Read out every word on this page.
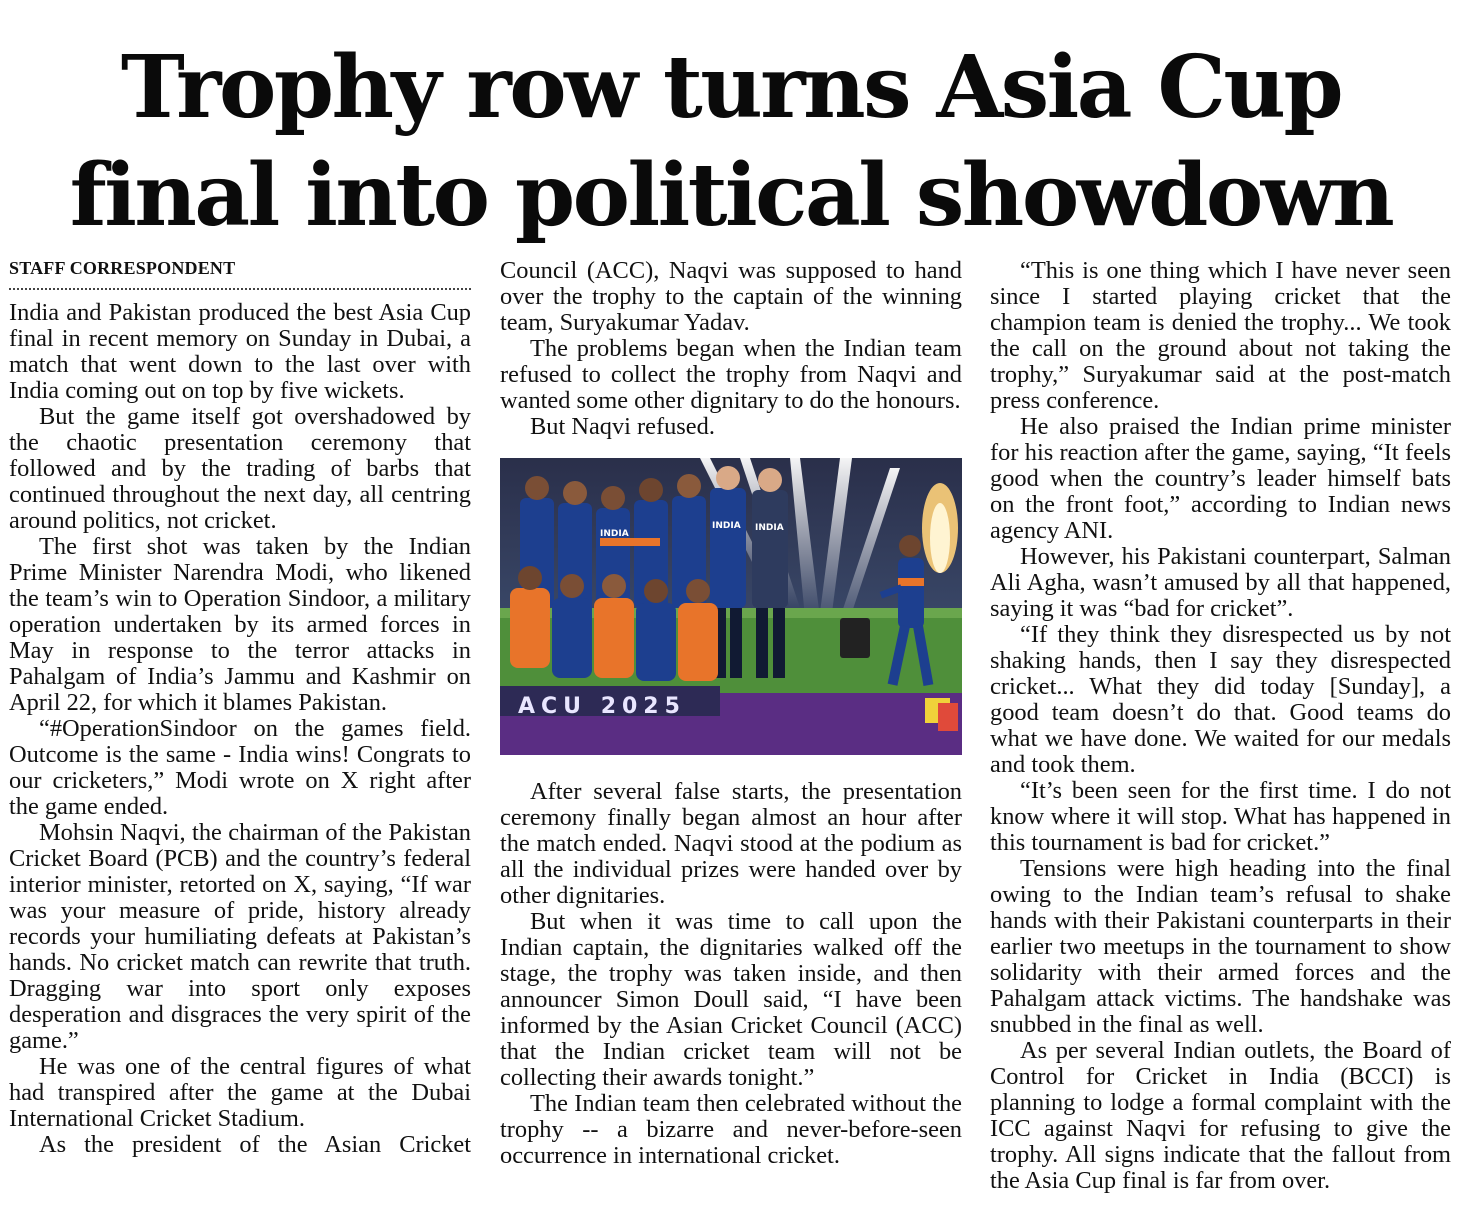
Trophy row turns Asia Cup
final into political showdown
STAFF CORRESPONDENT

India and Pakistan produced the best Asia Cup final in recent memory on Sunday in Dubai, a match that went down to the last over with India coming out on top by five wickets.

But the game itself got overshadowed by the chaotic presentation ceremony that followed and by the trading of barbs that continued throughout the next day, all centring around politics, not cricket.

The first shot was taken by the Indian Prime Minister Narendra Modi, who likened the team’s win to Operation Sindoor, a military operation undertaken by its armed forces in May in response to the terror attacks in Pahalgam of India’s Jammu and Kashmir on April 22, for which it blames Pakistan.

“#OperationSindoor on the games field. Outcome is the same - India wins! Congrats to our cricketers,” Modi wrote on X right after the game ended.

Mohsin Naqvi, the chairman of the Pakistan Cricket Board (PCB) and the country’s federal interior minister, retorted on X, saying, “If war was your measure of pride, history already records your humiliating defeats at Pakistan’s hands. No cricket match can rewrite that truth. Dragging war into sport only exposes desperation and disgraces the very spirit of the game.”

He was one of the central figures of what had transpired after the game at the Dubai International Cricket Stadium.

As the president of the Asian Cricket

Council (ACC), Naqvi was supposed to hand over the trophy to the captain of the winning team, Suryakumar Yadav.

The problems began when the Indian team refused to collect the trophy from Naqvi and wanted some other dignitary to do the honours.

But Naqvi refused.

ACU 2025
INDIA INDIA
INDIA

After several false starts, the presentation ceremony finally began almost an hour after the match ended. Naqvi stood at the podium as all the individual prizes were handed over by other dignitaries.

But when it was time to call upon the Indian captain, the dignitaries walked off the stage, the trophy was taken inside, and then announcer Simon Doull said, “I have been informed by the Asian Cricket Council (ACC) that the Indian cricket team will not be collecting their awards tonight.”

The Indian team then celebrated without the trophy -- a bizarre and never-before-seen occurrence in international cricket.

“This is one thing which I have never seen since I started playing cricket that the champion team is denied the trophy... We took the call on the ground about not taking the trophy,” Suryakumar said at the post-match press conference.

He also praised the Indian prime minister for his reaction after the game, saying, “It feels good when the country’s leader himself bats on the front foot,” according to Indian news agency ANI.

However, his Pakistani counterpart, Salman Ali Agha, wasn’t amused by all that happened, saying it was “bad for cricket”.

“If they think they disrespected us by not shaking hands, then I say they disrespected cricket... What they did today [Sunday], a good team doesn’t do that. Good teams do what we have done. We waited for our medals and took them.

“It’s been seen for the first time. I do not know where it will stop. What has happened in this tournament is bad for cricket.”

Tensions were high heading into the final owing to the Indian team’s refusal to shake hands with their Pakistani counterparts in their earlier two meetups in the tournament to show solidarity with their armed forces and the Pahalgam attack victims. The handshake was snubbed in the final as well.

As per several Indian outlets, the Board of Control for Cricket in India (BCCI) is planning to lodge a formal complaint with the ICC against Naqvi for refusing to give the trophy. All signs indicate that the fallout from the Asia Cup final is far from over.
